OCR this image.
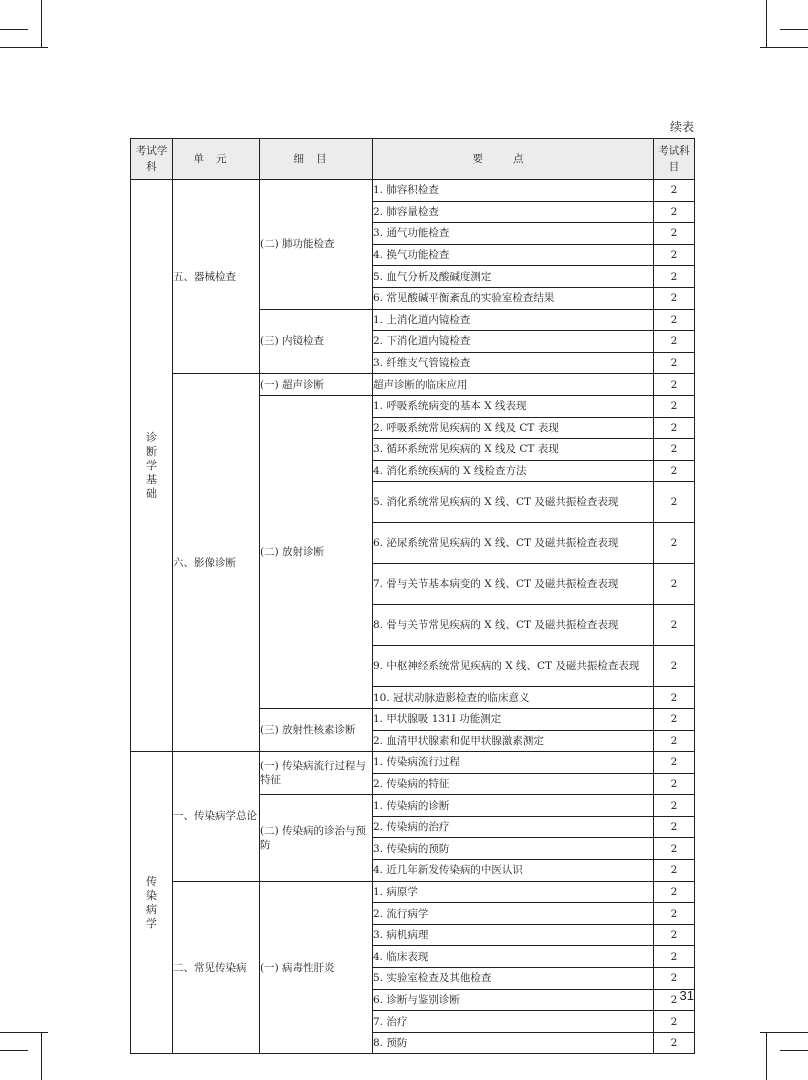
续表
考试学科	单元	细目	要点	考试科目
诊断学基础	五、器械检查	(二) 肺功能检查	1. 肺容积检查	2
			2. 肺容量检查	2
			3. 通气功能检查	2
			4. 换气功能检查	2
			5. 血气分析及酸碱度测定	2
			6. 常见酸碱平衡紊乱的实验室检查结果	2
		(三) 内镜检查	1. 上消化道内镜检查	2
			2. 下消化道内镜检查	2
			3. 纤维支气管镜检查	2
	六、影像诊断	(一) 超声诊断	超声诊断的临床应用	2
		(二) 放射诊断	1. 呼吸系统病变的基本 X 线表现	2
			2. 呼吸系统常见疾病的 X 线及 CT 表现	2
			3. 循环系统常见疾病的 X 线及 CT 表现	2
			4. 消化系统疾病的 X 线检查方法	2
			5. 消化系统常见疾病的 X 线、CT 及磁共振检查表现	2
			6. 泌尿系统常见疾病的 X 线、CT 及磁共振检查表现	2
			7. 骨与关节基本病变的 X 线、CT 及磁共振检查表现	2
			8. 骨与关节常见疾病的 X 线、CT 及磁共振检查表现	2
			9. 中枢神经系统常见疾病的 X 线、CT 及磁共振检查表现	2
			10. 冠状动脉造影检查的临床意义	2
		(三) 放射性核素诊断	1. 甲状腺吸 131I 功能测定	2
			2. 血清甲状腺素和促甲状腺激素测定	2
传染病学	一、传染病学总论	(一) 传染病流行过程与特征	1. 传染病流行过程	2
			2. 传染病的特征	2
		(二) 传染病的诊治与预防	1. 传染病的诊断	2
			2. 传染病的治疗	2
			3. 传染病的预防	2
			4. 近几年新发传染病的中医认识	2
	二、常见传染病	(一) 病毒性肝炎	1. 病原学	2
			2. 流行病学	2
			3. 病机病理	2
			4. 临床表现	2
			5. 实验室检查及其他检查	2
			6. 诊断与鉴别诊断	2
			7. 治疗	2
			8. 预防	2
31
